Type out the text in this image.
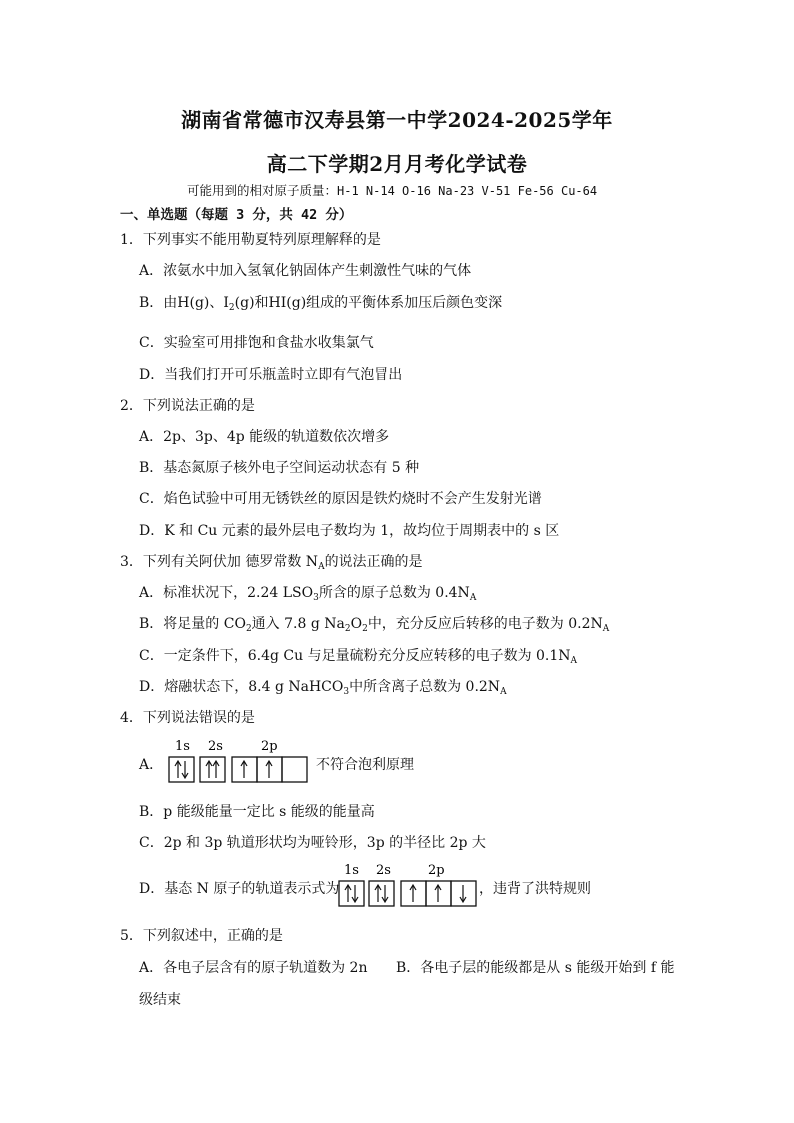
湖南省常德市汉寿县第一中学2024-2025学年
高二下学期2月月考化学试卷
可能用到的相对原子质量：H-1 N-14 O-16 Na-23 V-51 Fe-56 Cu-64
一、单选题（每题 3 分，共 42 分）
1．下列事实不能用勒夏特列原理解释的是
A．浓氨水中加入氢氧化钠固体产生刺激性气味的气体
B．由H(g)、$I_2(g)$和HI(g)组成的平衡体系加压后颜色变深
C．实验室可用排饱和食盐水收集氯气
D．当我们打开可乐瓶盖时立即有气泡冒出
2．下列说法正确的是
A．2p、3p、4p 能级的轨道数依次增多
B．基态氮原子核外电子空间运动状态有 5 种
C．焰色试验中可用无锈铁丝的原因是铁灼烧时不会产生发射光谱
D．K 和 Cu 元素的最外层电子数均为 1，故均位于周期表中的 s 区
3．下列有关阿伏加 德罗常数 $N_A$的说法正确的是
A．标准状况下，2.24 $LSO_3$所含的原子总数为 $0.4N_A$
B．将足量的 $CO_2$通入 7.8 g $Na_2O_2$中，充分反应后转移的电子数为 $0.2N_A$
C．一定条件下，6.4g Cu 与足量硫粉充分反应转移的电子数为 $0.1N_A$
D．熔融状态下，8.4 g NaHCO$_3$中所含离子总数为 $0.2N_A$
4．下列说法错误的是
A．
1s 2s	2p
不符合泡利原理
B．p 能级能量一定比 s 能级的能量高
C．2p 和 3p 轨道形状均为哑铃形，3p 的半径比 2p 大
D．基态 N 原子的轨道表示式为
1s 2s	2p
，违背了洪特规则
5．下列叙述中，正确的是
A．各电子层含有的原子轨道数为 2n B．各电子层的能级都是从 s 能级开始到 f 能
级结束
